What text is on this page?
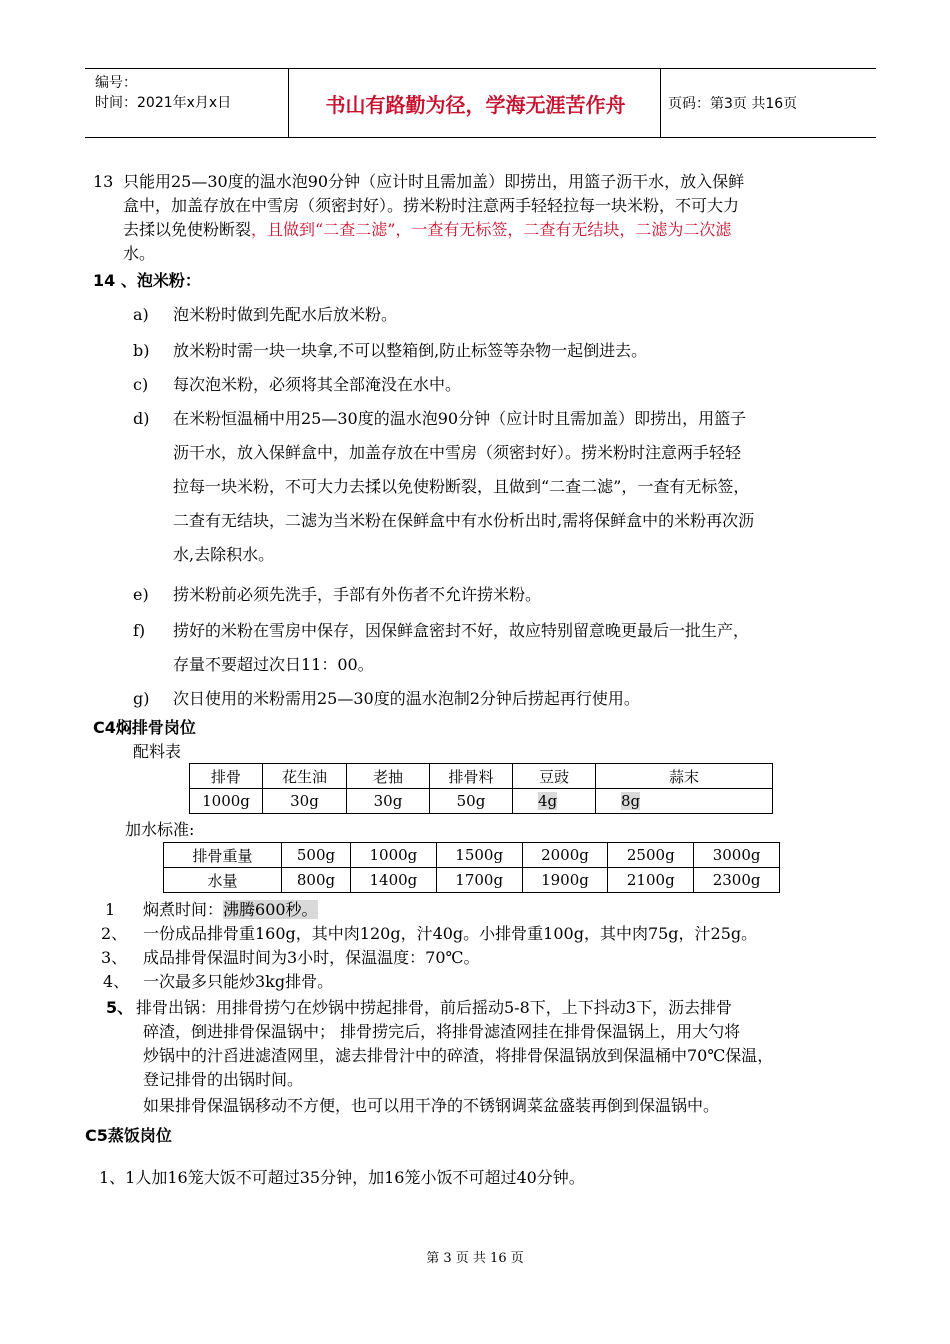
编号：
时间：2021年x月x日	书山有路勤为径，学海无涯苦作舟	页码：第3页 共16页
13 只能用25—30度的温水泡90分钟（应计时且需加盖）即捞出，用篮子沥干水，放入保鲜
盒中，加盖存放在中雪房（须密封好）。捞米粉时注意两手轻轻拉每一块米粉，不可大力
去揉以免使粉断裂，且做到“二查二滤”，一查有无标签，二查有无结块，二滤为二次滤
水。
14 、泡米粉：
a) 泡米粉时做到先配水后放米粉。
b) 放米粉时需一块一块拿,不可以整箱倒,防止标签等杂物一起倒进去。
c) 每次泡米粉，必须将其全部淹没在水中。
d) 在米粉恒温桶中用25—30度的温水泡90分钟（应计时且需加盖）即捞出，用篮子
沥干水，放入保鲜盒中，加盖存放在中雪房（须密封好）。捞米粉时注意两手轻轻
拉每一块米粉，不可大力去揉以免使粉断裂，且做到“二查二滤”，一查有无标签，
二查有无结块，二滤为当米粉在保鲜盒中有水份析出时,需将保鲜盒中的米粉再次沥
水,去除积水。
e) 捞米粉前必须先洗手，手部有外伤者不允许捞米粉。
f) 捞好的米粉在雪房中保存，因保鲜盒密封不好，故应特别留意晚更最后一批生产，
存量不要超过次日11：00。
g) 次日使用的米粉需用25—30度的温水泡制2分钟后捞起再行使用。
C4焖排骨岗位
配料表
排骨	花生油	老抽	排骨料	豆豉	蒜末
1000g	30g	30g	50g	4g	8g
加水标准:
排骨重量	500g	1000g	1500g	2000g	2500g	3000g
水量	800g	1400g	1700g	1900g	2100g	2300g
1 焖煮时间：沸腾600秒。
2、 一份成品排骨重160g，其中肉120g，汁40g。小排骨重100g，其中肉75g，汁25g。
3、 成品排骨保温时间为3小时，保温温度：70℃。
4、 一次最多只能炒3kg排骨。
5、 排骨出锅：用排骨捞勺在炒锅中捞起排骨，前后摇动5-8下，上下抖动3下，沥去排骨
碎渣，倒进排骨保温锅中； 排骨捞完后，将排骨滤渣网挂在排骨保温锅上，用大勺将
炒锅中的汁舀进滤渣网里，滤去排骨汁中的碎渣，将排骨保温锅放到保温桶中70℃保温，
登记排骨的出锅时间。
如果排骨保温锅移动不方便，也可以用干净的不锈钢调菜盆盛装再倒到保温锅中。
C5蒸饭岗位
1、1人加16笼大饭不可超过35分钟，加16笼小饭不可超过40分钟。
第 3 页 共 16 页
